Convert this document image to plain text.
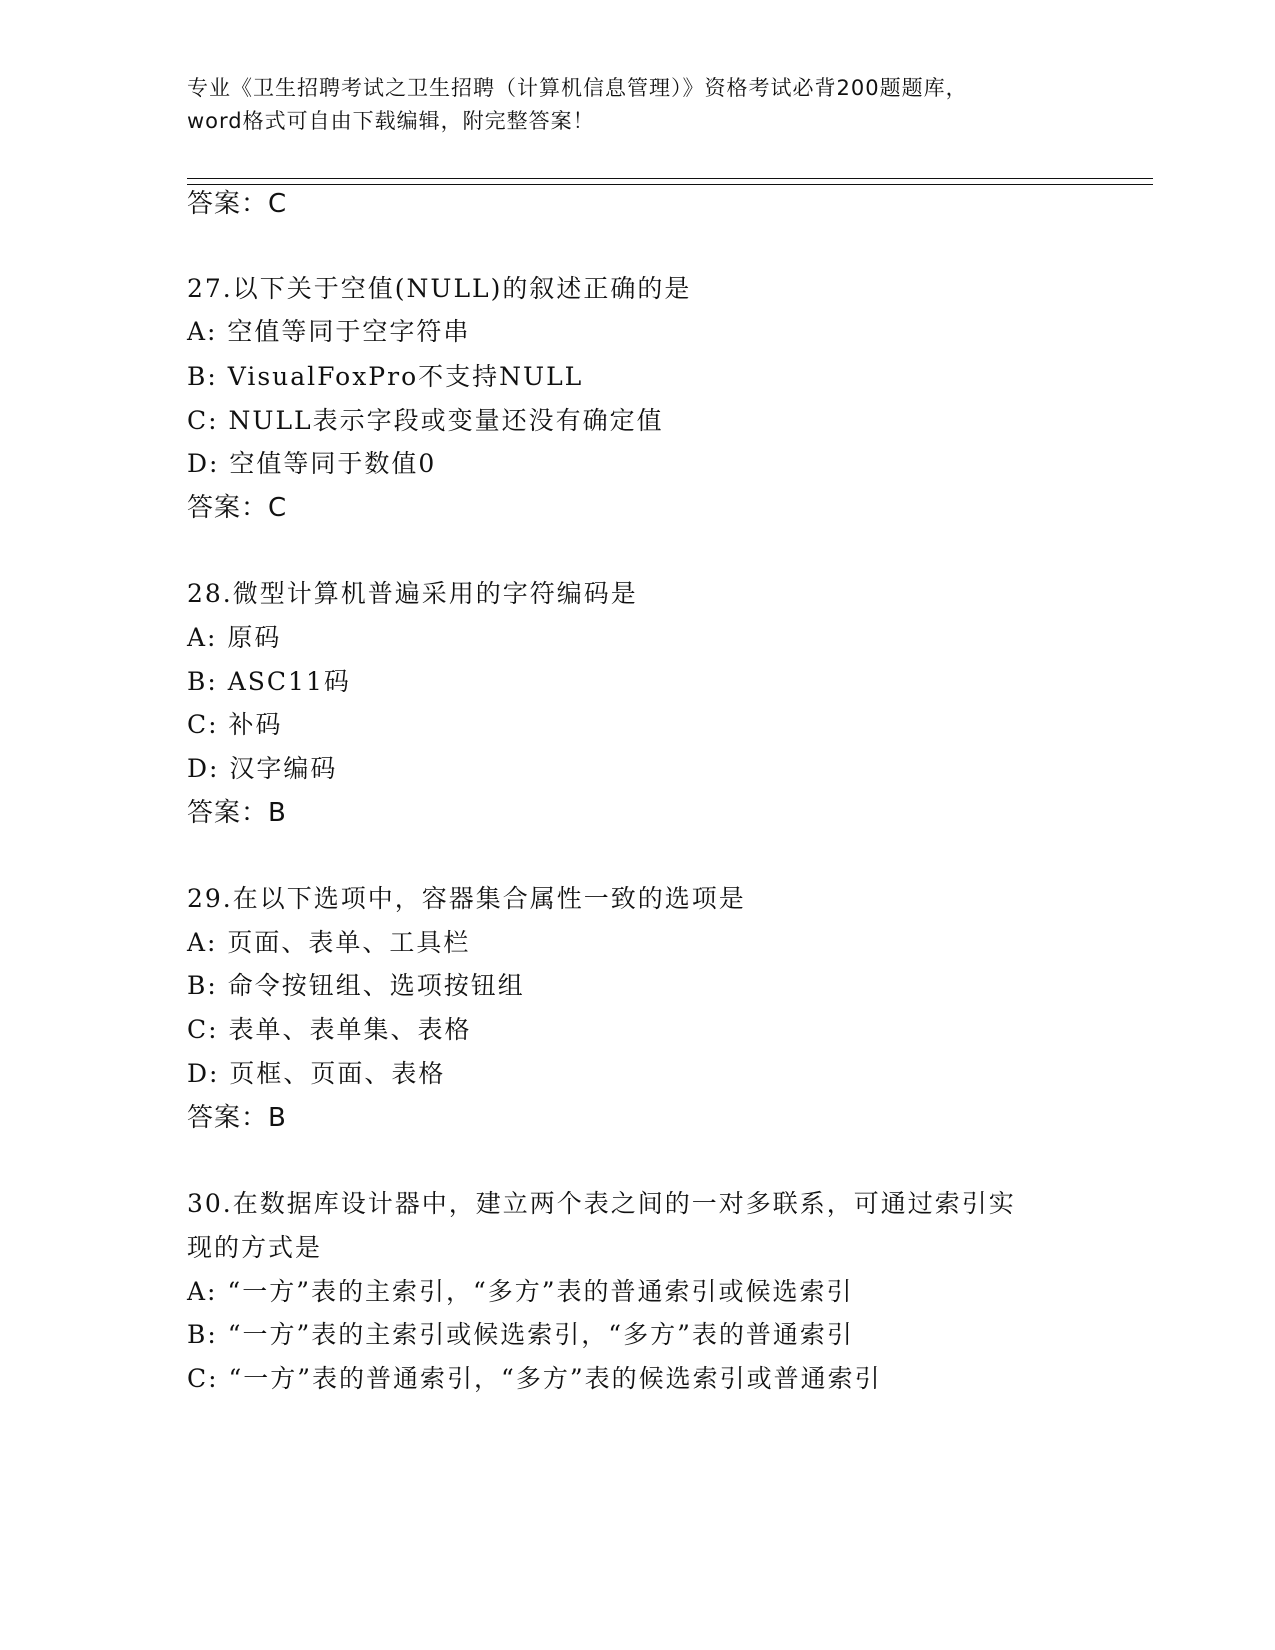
专业《卫生招聘考试之卫生招聘（计算机信息管理）》资格考试必背200题题库，
word格式可自由下载编辑，附完整答案！
答案：C
27.以下关于空值(NULL)的叙述正确的是
A: 空值等同于空字符串
B: VisualFoxPro不支持NULL
C: NULL表示字段或变量还没有确定值
D: 空值等同于数值0
答案：C
28.微型计算机普遍采用的字符编码是
A: 原码
B: ASC11码
C: 补码
D: 汉字编码
答案：B
29.在以下选项中，容器集合属性一致的选项是
A: 页面、表单、工具栏
B: 命令按钮组、选项按钮组
C: 表单、表单集、表格
D: 页框、页面、表格
答案：B
30.在数据库设计器中，建立两个表之间的一对多联系，可通过索引实
现的方式是
A: “一方”表的主索引，“多方”表的普通索引或候选索引
B: “一方”表的主索引或候选索引，“多方”表的普通索引
C: “一方”表的普通索引，“多方”表的候选索引或普通索引
